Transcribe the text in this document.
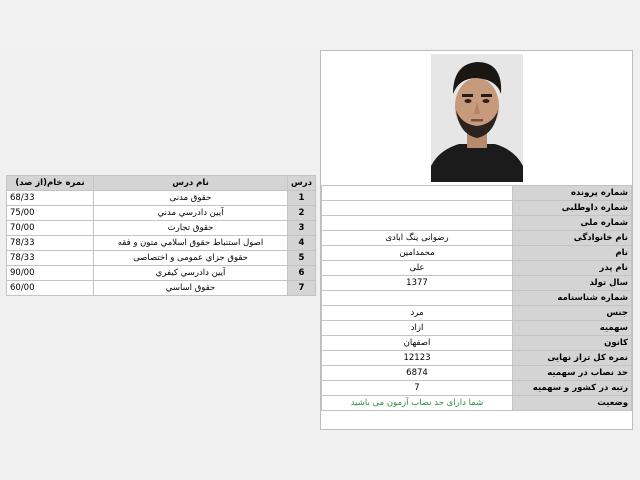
درس	نام درس	نمره خام(از صد)
1	حقوق مدنی	68/33
2	آیین دادرسي مدني	75/00
3	حقوق تجارت	70/00
4	اصول استنباط حقوق اسلامي متون و فقه	78/33
5	حقوق جزاي عمومی و اختصاصی	78/33
6	آيين دادرسي كيفري	90/00
7	حقوق اساسي	60/00
شماره پرونده	
شماره داوطلبی	
شماره ملی	
نام خانوادگی	رضوانی ینگ ابادی
نام	محمدامین
نام پدر	علی
سال تولد	1377
شماره شناسنامه	
جنس	مرد
سهمیه	ازاد
کانون	اصفهان
نمره کل تراز نهایی	12123
حد نصاب در سهمیه	6874
رتبه در کشور و سهمیه	7
وضعیت	شما دارای حد نصاب آزمون می باشید
